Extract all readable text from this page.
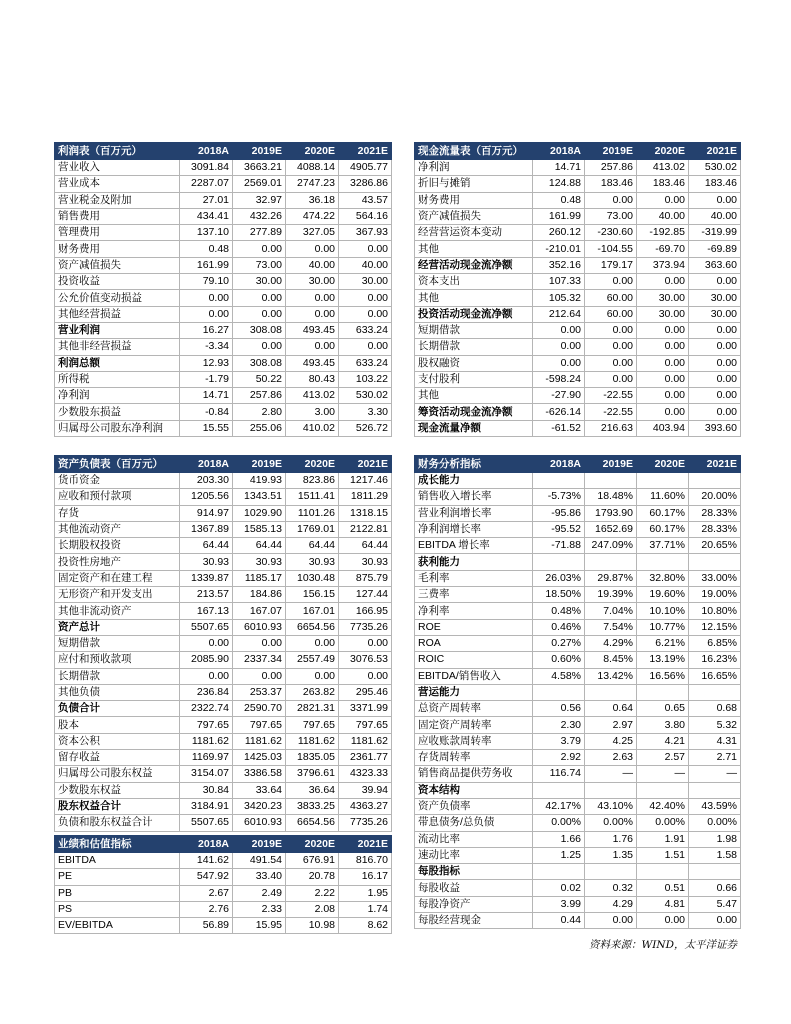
利润表（百万元）	2018A	2019E	2020E	2021E
营业收入	3091.84	3663.21	4088.14	4905.77
营业成本	2287.07	2569.01	2747.23	3286.86
营业税金及附加	27.01	32.97	36.18	43.57
销售费用	434.41	432.26	474.22	564.16
管理费用	137.10	277.89	327.05	367.93
财务费用	0.48	0.00	0.00	0.00
资产减值损失	161.99	73.00	40.00	40.00
投资收益	79.10	30.00	30.00	30.00
公允价值变动损益	0.00	0.00	0.00	0.00
其他经营损益	0.00	0.00	0.00	0.00
营业利润	16.27	308.08	493.45	633.24
其他非经营损益	-3.34	0.00	0.00	0.00
利润总额	12.93	308.08	493.45	633.24
所得税	-1.79	50.22	80.43	103.22
净利润	14.71	257.86	413.02	530.02
少数股东损益	-0.84	2.80	3.00	3.30
归属母公司股东净利润	15.55	255.06	410.02	526.72
现金流量表（百万元）	2018A	2019E	2020E	2021E
净利润	14.71	257.86	413.02	530.02
折旧与摊销	124.88	183.46	183.46	183.46
财务费用	0.48	0.00	0.00	0.00
资产减值损失	161.99	73.00	40.00	40.00
经营营运资本变动	260.12	-230.60	-192.85	-319.99
其他	-210.01	-104.55	-69.70	-69.89
经营活动现金流净额	352.16	179.17	373.94	363.60
资本支出	107.33	0.00	0.00	0.00
其他	105.32	60.00	30.00	30.00
投资活动现金流净额	212.64	60.00	30.00	30.00
短期借款	0.00	0.00	0.00	0.00
长期借款	0.00	0.00	0.00	0.00
股权融资	0.00	0.00	0.00	0.00
支付股利	-598.24	0.00	0.00	0.00
其他	-27.90	-22.55	0.00	0.00
筹资活动现金流净额	-626.14	-22.55	0.00	0.00
现金流量净额	-61.52	216.63	403.94	393.60
资产负债表（百万元）	2018A	2019E	2020E	2021E
货币资金	203.30	419.93	823.86	1217.46
应收和预付款项	1205.56	1343.51	1511.41	1811.29
存货	914.97	1029.90	1101.26	1318.15
其他流动资产	1367.89	1585.13	1769.01	2122.81
长期股权投资	64.44	64.44	64.44	64.44
投资性房地产	30.93	30.93	30.93	30.93
固定资产和在建工程	1339.87	1185.17	1030.48	875.79
无形资产和开发支出	213.57	184.86	156.15	127.44
其他非流动资产	167.13	167.07	167.01	166.95
资产总计	5507.65	6010.93	6654.56	7735.26
短期借款	0.00	0.00	0.00	0.00
应付和预收款项	2085.90	2337.34	2557.49	3076.53
长期借款	0.00	0.00	0.00	0.00
其他负债	236.84	253.37	263.82	295.46
负债合计	2322.74	2590.70	2821.31	3371.99
股本	797.65	797.65	797.65	797.65
资本公积	1181.62	1181.62	1181.62	1181.62
留存收益	1169.97	1425.03	1835.05	2361.77
归属母公司股东权益	3154.07	3386.58	3796.61	4323.33
少数股东权益	30.84	33.64	36.64	39.94
股东权益合计	3184.91	3420.23	3833.25	4363.27
负债和股东权益合计	5507.65	6010.93	6654.56	7735.26
财务分析指标	2018A	2019E	2020E	2021E
成长能力				
销售收入增长率	-5.73%	18.48%	11.60%	20.00%
营业利润增长率	-95.86	1793.90	60.17%	28.33%
净利润增长率	-95.52	1652.69	60.17%	28.33%
EBITDA 增长率	-71.88	247.09%	37.71%	20.65%
获利能力				
毛利率	26.03%	29.87%	32.80%	33.00%
三费率	18.50%	19.39%	19.60%	19.00%
净利率	0.48%	7.04%	10.10%	10.80%
ROE	0.46%	7.54%	10.77%	12.15%
ROA	0.27%	4.29%	6.21%	6.85%
ROIC	0.60%	8.45%	13.19%	16.23%
EBITDA/销售收入	4.58%	13.42%	16.56%	16.65%
营运能力				
总资产周转率	0.56	0.64	0.65	0.68
固定资产周转率	2.30	2.97	3.80	5.32
应收账款周转率	3.79	4.25	4.21	4.31
存货周转率	2.92	2.63	2.57	2.71
销售商品提供劳务收	116.74	—	—	—
资本结构				
资产负债率	42.17%	43.10%	42.40%	43.59%
带息债务/总负债	0.00%	0.00%	0.00%	0.00%
流动比率	1.66	1.76	1.91	1.98
速动比率	1.25	1.35	1.51	1.58
每股指标				
每股收益	0.02	0.32	0.51	0.66
每股净资产	3.99	4.29	4.81	5.47
每股经营现金	0.44	0.00	0.00	0.00
业绩和估值指标	2018A	2019E	2020E	2021E
EBITDA	141.62	491.54	676.91	816.70
PE	547.92	33.40	20.78	16.17
PB	2.67	2.49	2.22	1.95
PS	2.76	2.33	2.08	1.74
EV/EBITDA	56.89	15.95	10.98	8.62
资料来源：WIND，太平洋证券
